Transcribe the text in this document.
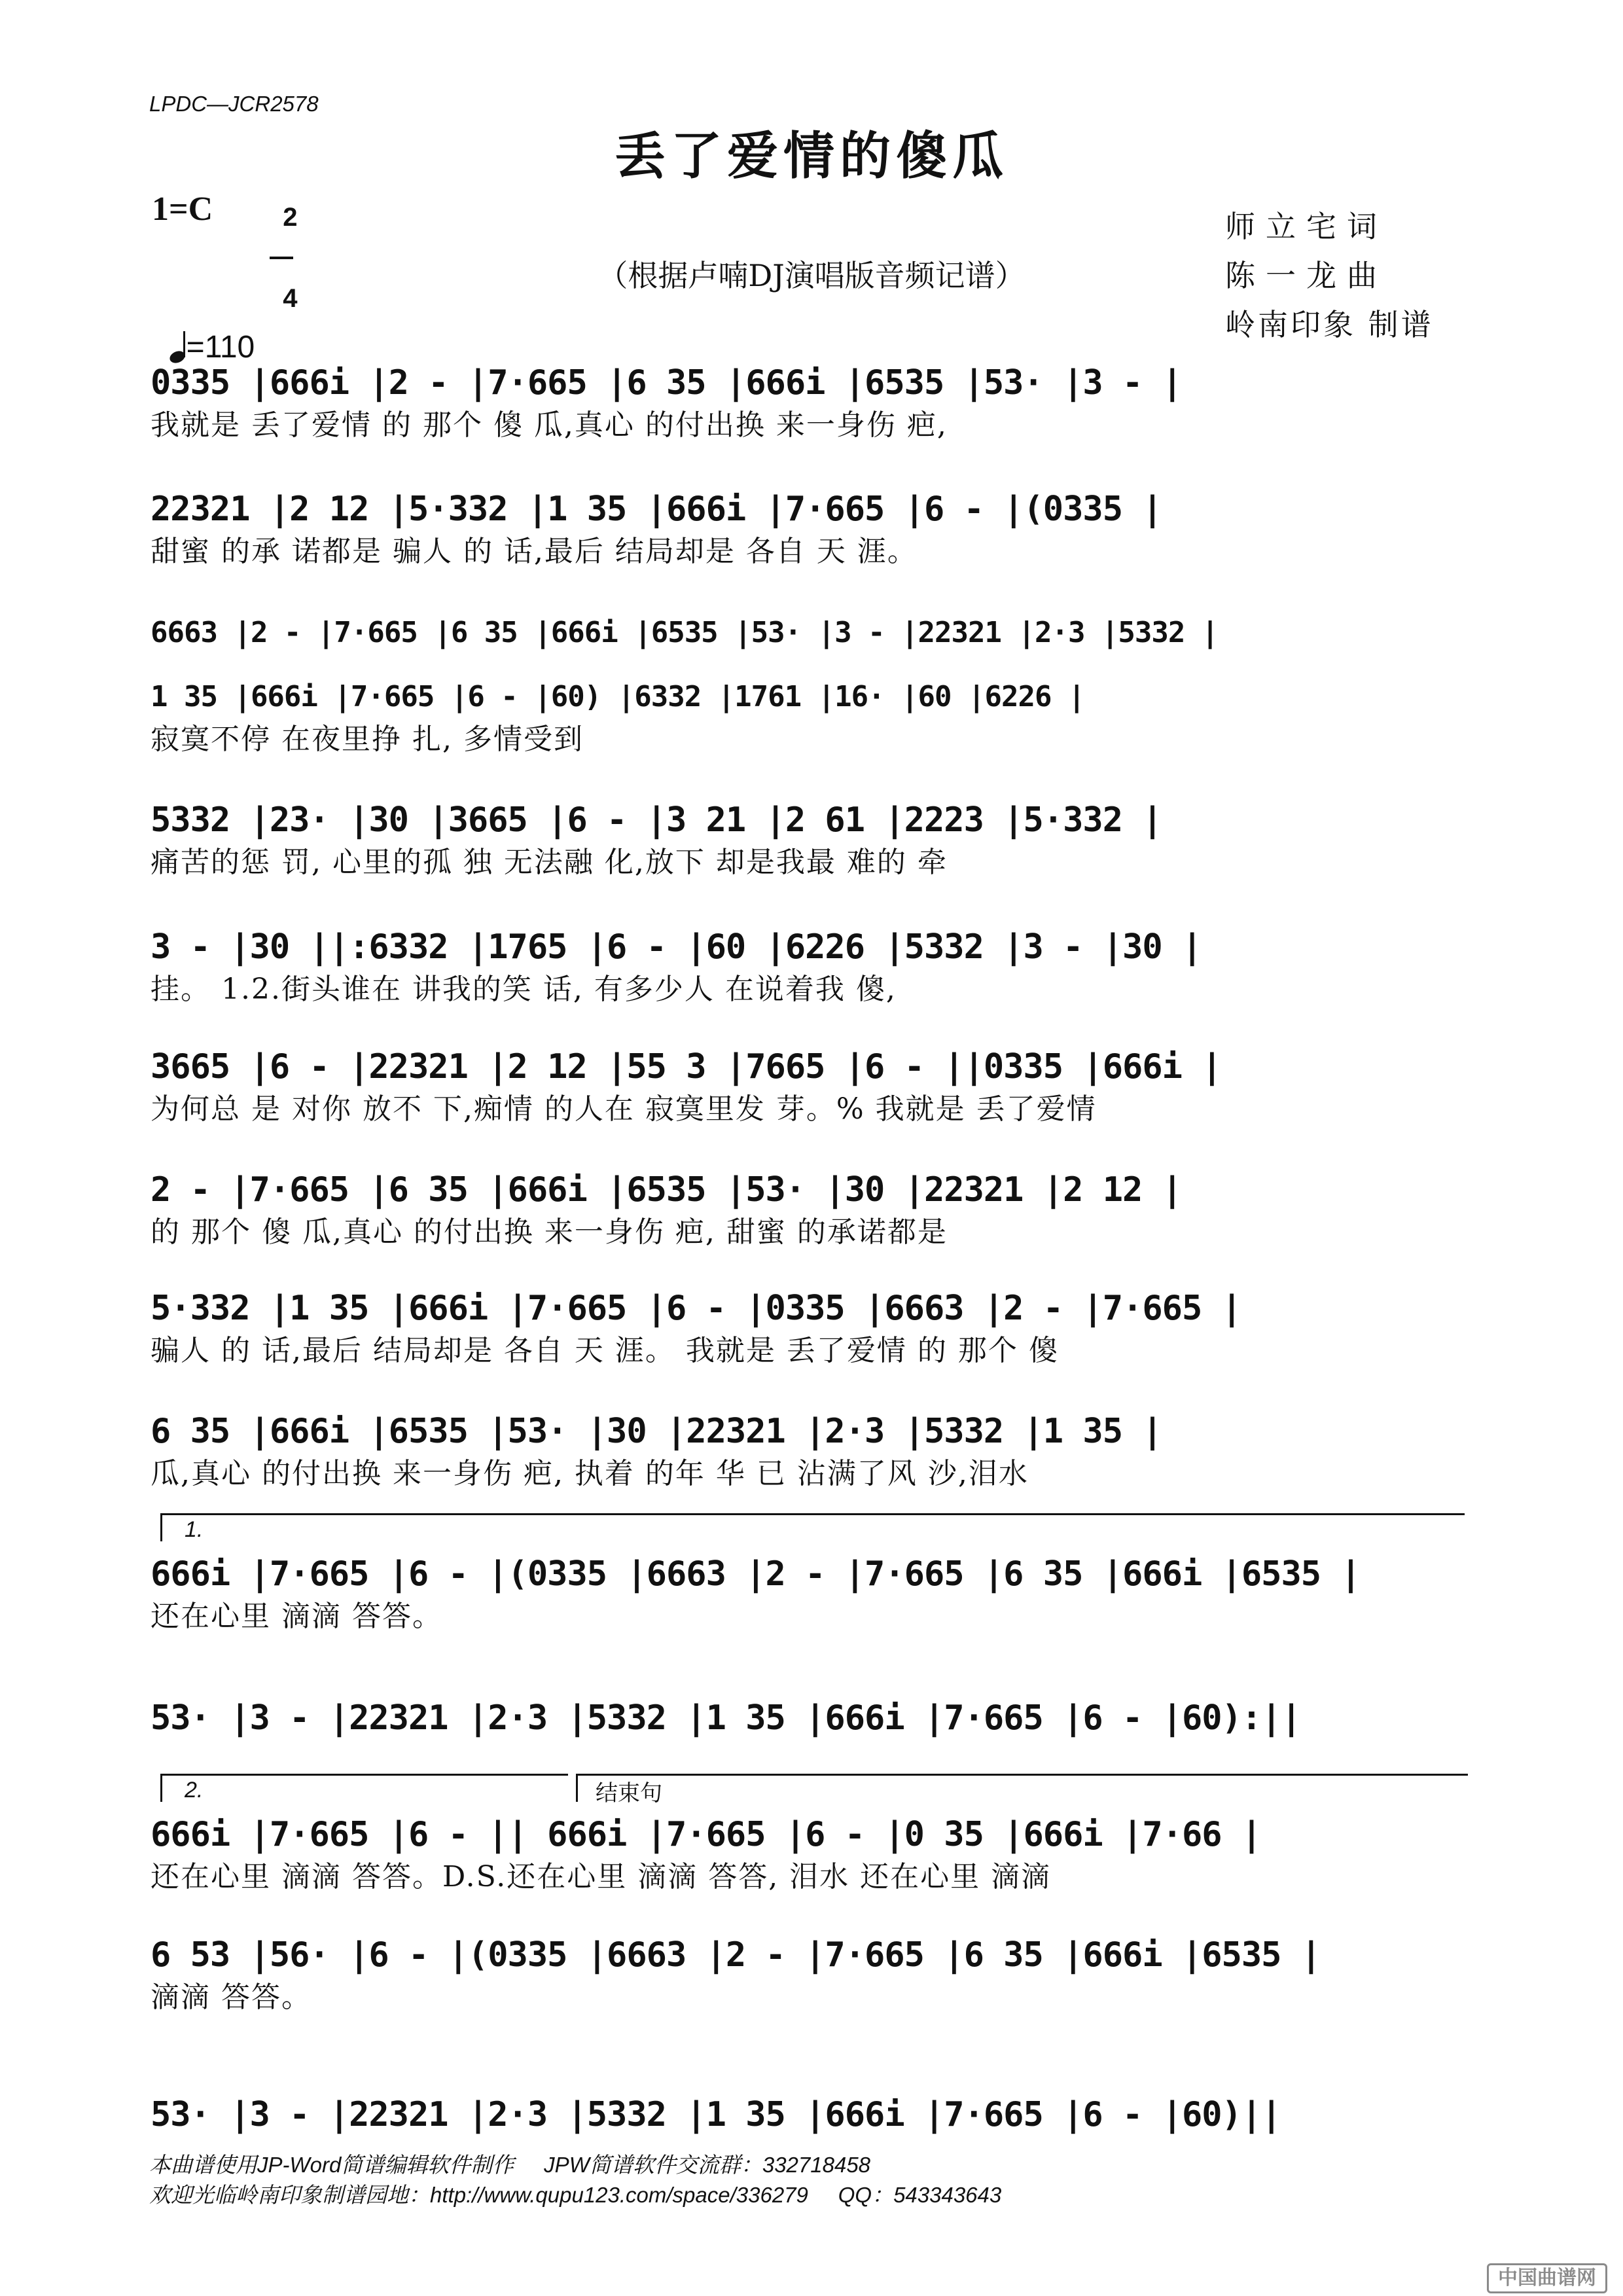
LPDC—JCR2578
丢了爱情的傻瓜
1=C	2

4

（根据卢喃DJ演唱版音频记谱）
师立宅词
陈一龙曲
岭南印象 制谱

=110

0335 |666i |2 - |7·665 |6 35 |666i |6535 |53· |3 - |
我就是 丢了爱情 的 那个 傻 瓜,真心 的付出换 来一身伤 疤,
22321 |2 12 |5·332 |1 35 |666i |7·665 |6 - |(0335 |
甜蜜 的承 诺都是 骗人 的 话,最后 结局却是 各自 天 涯。
6663 |2 - |7·665 |6 35 |666i |6535 |53· |3 - |22321 |2·3 |5332 |
1 35 |666i |7·665 |6 - |60) |6332 |1761 |16· |60 |6226 |
寂寞不停 在夜里挣 扎, 多情受到
5332 |23· |30 |3665 |6 - |3 21 |2 61 |2223 |5·332 |
痛苦的惩 罚, 心里的孤 独 无法融 化,放下 却是我最 难的 牵
3 - |30 ||:6332 |1765 |6 - |60 |6226 |5332 |3 - |30 |
挂。 1.2.街头谁在 讲我的笑 话, 有多少人 在说着我 傻,
3665 |6 - |22321 |2 12 |55 3 |7665 |6 - ||0335 |666i |
为何总 是 对你 放不 下,痴情 的人在 寂寞里发 芽。% 我就是 丢了爱情
2 - |7·665 |6 35 |666i |6535 |53· |30 |22321 |2 12 |
的 那个 傻 瓜,真心 的付出换 来一身伤 疤, 甜蜜 的承诺都是
5·332 |1 35 |666i |7·665 |6 - |0335 |6663 |2 - |7·665 |
骗人 的 话,最后 结局却是 各自 天 涯。 我就是 丢了爱情 的 那个 傻
6 35 |666i |6535 |53· |30 |22321 |2·3 |5332 |1 35 |
瓜,真心 的付出换 来一身伤 疤, 执着 的年 华 已 沾满了风 沙,泪水
1.
666i |7·665 |6 - |(0335 |6663 |2 - |7·665 |6 35 |666i |6535 |
还在心里 滴滴 答答。
53· |3 - |22321 |2·3 |5332 |1 35 |666i |7·665 |6 - |60):||
2.	结束句
666i |7·665 |6 - || 666i |7·665 |6 - |0 35 |666i |7·66 |
还在心里 滴滴 答答。D.S.还在心里 滴滴 答答, 泪水 还在心里 滴滴
6 53 |56· |6 - |(0335 |6663 |2 - |7·665 |6 35 |666i |6535 |
滴滴 答答。
53· |3 - |22321 |2·3 |5332 |1 35 |666i |7·665 |6 - |60)||
本曲谱使用JP-Word简谱编辑软件制作     JPW简谱软件交流群：332718458
欢迎光临岭南印象制谱园地：http://www.qupu123.com/space/336279     QQ：543343643
中国曲谱网
